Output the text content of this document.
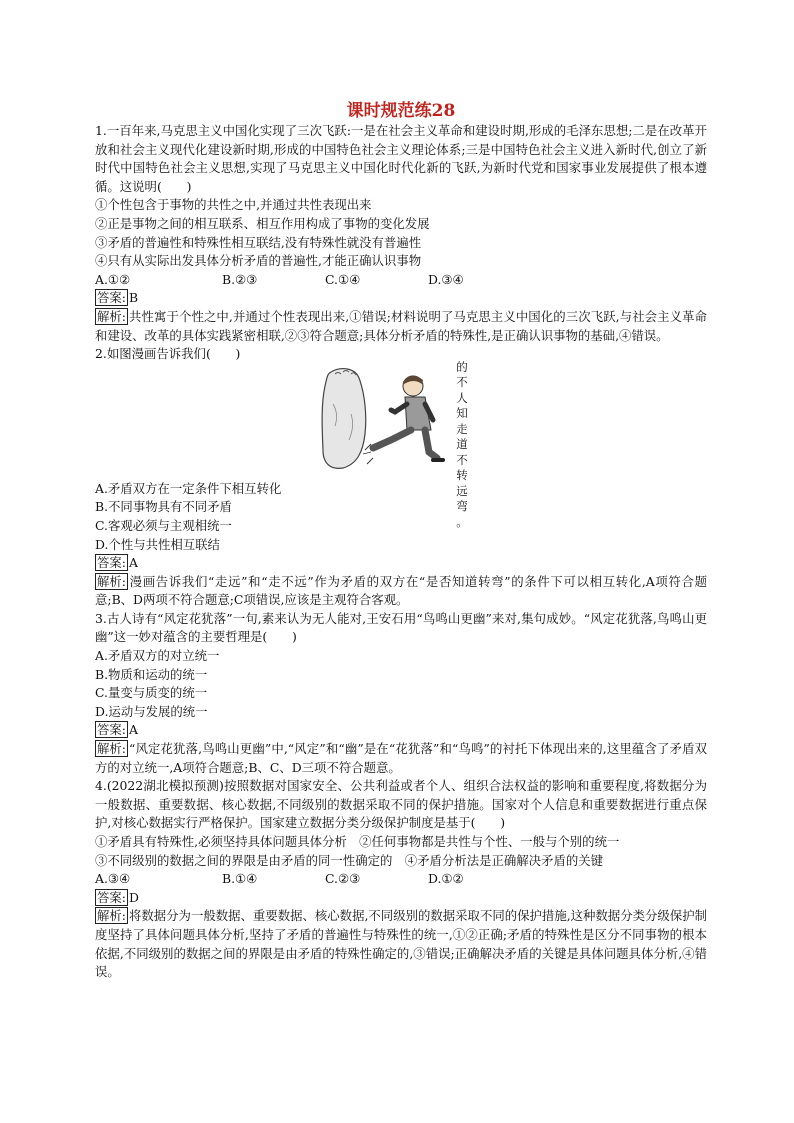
课时规范练28

1.一百年来,马克思主义中国化实现了三次飞跃:一是在社会主义革命和建设时期,形成的毛泽东思想;二是在改革开放和社会主义现代化建设新时期,形成的中国特色社会主义理论体系;三是中国特色社会主义进入新时代,创立了新时代中国特色社会主义思想,实现了马克思主义中国化时代化新的飞跃,为新时代党和国家事业发展提供了根本遵循。这说明(　　)

①个性包含于事物的共性之中,并通过共性表现出来

②正是事物之间的相互联系、相互作用构成了事物的变化发展

③矛盾的普遍性和特殊性相互联结,没有特殊性就没有普遍性

④只有从实际出发具体分析矛盾的普遍性,才能正确认识事物

A.①②	B.②③	C.①④	D.③④

答案: B

解析: 共性寓于个性之中,并通过个性表现出来,①错误;材料说明了马克思主义中国化的三次飞跃,与社会主义革命和建设、改革的具体实践紧密相联,②③符合题意;具体分析矛盾的特殊性,是正确认识事物的基础,④错误。

2.如图漫画告诉我们(　　)

的不
人知
走道
不转
远弯
。

A.矛盾双方在一定条件下相互转化

B.不同事物具有不同矛盾

C.客观必须与主观相统一

D.个性与共性相互联结

答案: A

解析: 漫画告诉我们“走远”和“走不远”作为矛盾的双方在“是否知道转弯”的条件下可以相互转化,A项符合题意;B、D两项不符合题意;C项错误,应该是主观符合客观。

3.古人诗有“风定花犹落”一句,素来认为无人能对,王安石用“鸟鸣山更幽”来对,集句成妙。“风定花犹落,鸟鸣山更幽”这一妙对蕴含的主要哲理是(　　)

A.矛盾双方的对立统一

B.物质和运动的统一

C.量变与质变的统一

D.运动与发展的统一

答案: A

解析: “风定花犹落,鸟鸣山更幽”中,“风定”和“幽”是在“花犹落”和“鸟鸣”的衬托下体现出来的,这里蕴含了矛盾双方的对立统一,A项符合题意;B、C、D三项不符合题意。

4.(2022湖北模拟预测)按照数据对国家安全、公共利益或者个人、组织合法权益的影响和重要程度,将数据分为一般数据、重要数据、核心数据,不同级别的数据采取不同的保护措施。国家对个人信息和重要数据进行重点保护,对核心数据实行严格保护。国家建立数据分类分级保护制度是基于(　　)

①矛盾具有特殊性,必须坚持具体问题具体分析　②任何事物都是共性与个性、一般与个别的统一

③不同级别的数据之间的界限是由矛盾的同一性确定的　④矛盾分析法是正确解决矛盾的关键

A.③④	B.①④	C.②③	D.①②

答案: D

解析: 将数据分为一般数据、重要数据、核心数据,不同级别的数据采取不同的保护措施,这种数据分类分级保护制度坚持了具体问题具体分析,坚持了矛盾的普遍性与特殊性的统一,①②正确;矛盾的特殊性是区分不同事物的根本依据,不同级别的数据之间的界限是由矛盾的特殊性确定的,③错误;正确解决矛盾的关键是具体问题具体分析,④错误。
